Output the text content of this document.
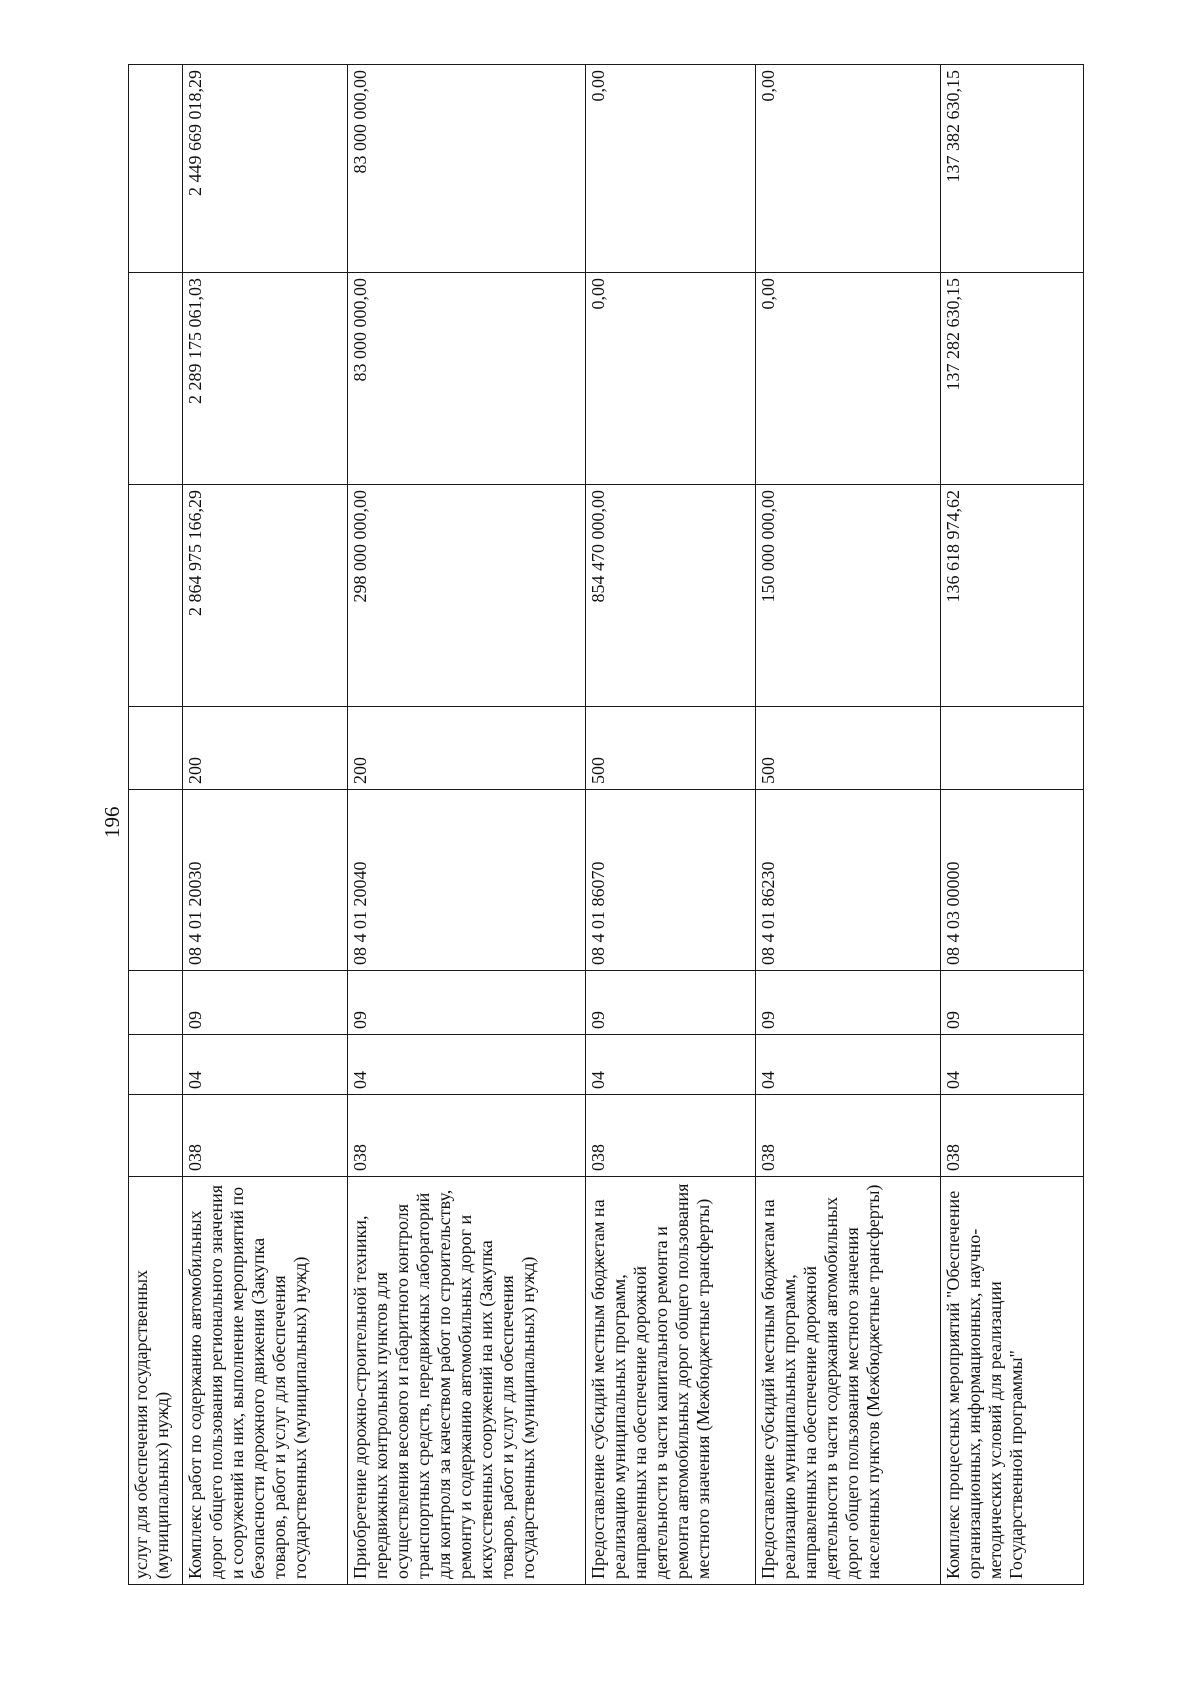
196
услуг для обеспечения государственных (муниципальных) нужд)								
Комплекс работ по содержанию автомобильных дорог общего пользования регионального значения и сооружений на них, выполнение мероприятий по безопасности дорожного движения (Закупка товаров, работ и услуг для обеспечения государственных (муниципальных) нужд)	038	04	09	08 4 01 20030	200	2 864 975 166,29	2 289 175 061,03	2 449 669 018,29
Приобретение дорожно-строительной техники, передвижных контрольных пунктов для осуществления весового и габаритного контроля транспортных средств, передвижных лабораторий для контроля за качеством работ по строительству, ремонту и содержанию автомобильных дорог и искусственных сооружений на них (Закупка товаров, работ и услуг для обеспечения государственных (муниципальных) нужд)	038	04	09	08 4 01 20040	200	298 000 000,00	83 000 000,00	83 000 000,00
Предоставление субсидий местным бюджетам на реализацию муниципальных программ, направленных на обеспечение дорожной деятельности в части капитального ремонта и ремонта автомобильных дорог общего пользования местного значения (Межбюджетные трансферты)	038	04	09	08 4 01 86070	500	854 470 000,00	0,00	0,00
Предоставление субсидий местным бюджетам на реализацию муниципальных программ, направленных на обеспечение дорожной деятельности в части содержания автомобильных дорог общего пользования местного значения населенных пунктов (Межбюджетные трансферты)	038	04	09	08 4 01 86230	500	150 000 000,00	0,00	0,00
Комплекс процессных мероприятий "Обеспечение организационных, информационных, научно-методических условий для реализации Государственной программы"	038	04	09	08 4 03 00000		136 618 974,62	137 282 630,15	137 382 630,15
